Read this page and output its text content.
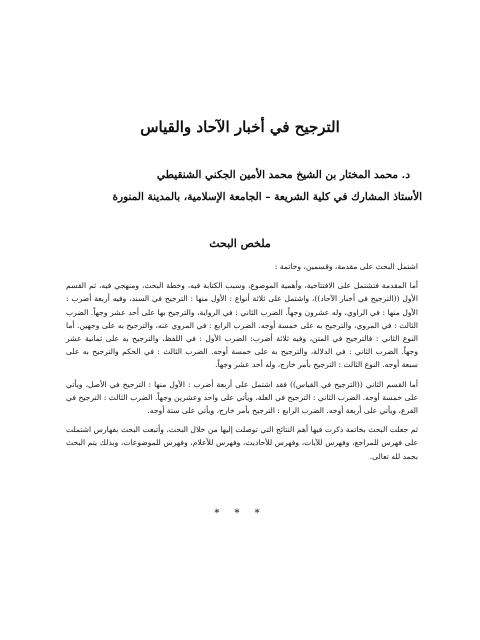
الترجيح في أخبار الآحاد والقياس

د. محمد المختار بن الشيخ محمد الأمين الجكني الشنقيطي

الأستاذ المشارك في كلية الشريعة – الجامعة الإسلامية، بالمدينة المنورة

ملخص البحث

اشتمل البحث على مقدمة، وقسمين، وخاتمة :

أما المقدمة فتشتمل على الافتتاحية، وأهمية الموضوع، وسبب الكتابة فيه، وخطة البحث، ومنهجي فيه، ثم القسم الأول ((الترجيح في أخبار الآحاد))، واشتمل على ثلاثة أنواع : الأول منها : الترجيح في السند، وفيه أربعة أضرب : الأول منها : في الراوي، وله عشرون وجهاً. الضرب الثاني : في الرواية، والترجيح بها على أحد عشر وجهاً. الضرب الثالث : في المروي، والترجيح به على خمسة أوجه. الضرب الرابع : في المروي عنه، والترجيح به على وجهين. أما النوع الثاني : فالترجيح في المتن، وفيه ثلاثة أضرب: الضرب الأول : في اللفظ، والترجيح به على ثمانية عشر وجهاً. الضرب الثاني : في الدلالة، والترجيح به على خمسة أوجه. الضرب الثالث : في الحكم والترجيح به على سبعة أوجه. النوع الثالث : الترجيح بأمر خارج، وله أحد عشر وجهاً.

أما القسم الثاني ((الترجيح في القياس)) فقد اشتمل على أربعة أضرب : الأول منها : الترجيح في الأصل، ويأتي على خمسة أوجه. الضرب الثاني : الترجيح في العلة، ويأتي على واحد وعشرين وجهاً. الضرب الثالث : الترجيح في الفرع، ويأتي على أربعة أوجه. الضرب الرابع : الترجيح بأمر خارج، ويأتي على ستة أوجه.

ثم جعلت البحث بخاتمة ذكرت فيها أهم النتائج التي توصلت إليها من خلال البحث، وأتبعت البحث بفهارس اشتملت على فهرس للمراجع، وفهرس للآيات، وفهرس للأحاديث، وفهرس للأعلام، وفهرس للموضوعات، وبذلك يتم البحث بحمد لله تعالى.

* * *
